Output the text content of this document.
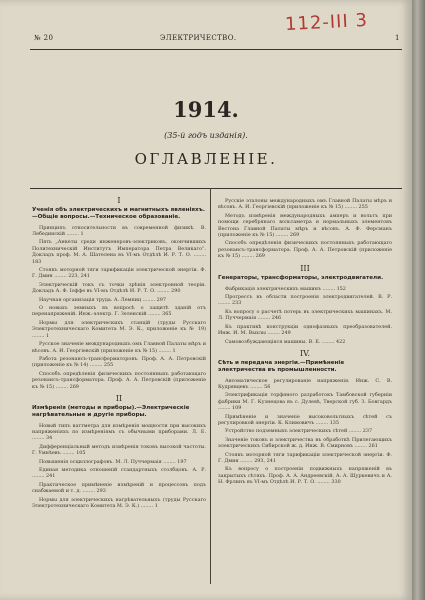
№ 20	ЭЛЕКТРИЧЕСТВО.	1
112-III 3
1914.
(35-й годъ изданія).
ОГЛАВЛЕНІЕ.
I
Ученія объ электрическихъ и магнитныхъ явленіяхъ.—Общіе вопросы.—Техническое образованіе.
Принципъ относительности въ современной физикѣ. В. Лебединскій ........ 1
Пять „Анкеты среди инженеровъ-электриковъ, окончившихъ Политехническій Институтъ Императора Петра Великаго“. Докладъ проф. М. А. Шателена въ VI-мъ Отдѣлѣ И. Р. Т. О. ........ 183
Стоякъ моторной тяги тарификаціи электрической энергіи. Ф. Г. Дмин ........ 223, 241
Электрическій токъ съ точки зрѣнія электронной теоріи. Докладъ А. Ф. Іоффе въ VI-мъ Отдѣлѣ И. Р. Т. О. ........ 290
Научная организація труда. А. Лемпиц ........ 297
О новыхъ земныхъ въ вопросѣ о защитѣ зданій отъ перенапряженій. Инж.-электр. Г. Зеленскій ........ 365
Нормы для электрическихъ станцій (труды Русскаго Электротехническаго Комитета М. Э. К., приложеніе къ № 19) ........ 1
Русское значеніе международныхъ омъ Главной Палаты мѣръ и вѣсовъ. А. И. Георгіевскій (приложеніе къ № 15) ........ 1
Работа резонансъ-трансформаторовъ. Проф. А. А. Петровскій (приложеніе къ № 14) ........ 255
Способъ опредѣленія физическихъ постоянныхъ работающаго резонансъ-трансформатора. Проф. А. А. Петровскій (приложеніе къ № 15) ........ 269
II
Измѣренія (методы и приборы).—Электрическіе нагрѣвательные и другіе приборы.
Новый типъ ваттметра для измѣренія мощности при высокихъ напряженіяхъ по измѣреніямъ съ обычными приборами. Л. Е. ........ 34
Дифференціальный методъ измѣренія токовъ высокой частоты. Г. Умнѣевъ ........ 105
Повышенія осциллографовъ. М. Л. Пуччермаія ........ 197
Единая методика отношеній стандартныхъ столбцовъ. А. Р. ........ 241
Практическое примѣненіе измѣреній и процессовъ подъ снабжаемой и т. д. ........ 293
Нормы для электрическихъ нагрѣвательныхъ (труды Русскаго Электротехническаго Комитета М. Э. К.) ........ 1
Русскіе эталоны международныхъ омъ Главной Палаты мѣръ и вѣсовъ. А. И. Георгіевскій (приложеніе къ № 15) ........ 255
Методъ измѣренія международныхъ амперъ и вольтъ при помощи серебрянаго вольтаметра и нормальныхъ элементовъ Вестона Главной Палаты мѣръ и вѣсовъ. А. Ф. Ферсманъ (приложеніе къ № 15) ........ 269
Способъ опредѣленія физическихъ постоянныхъ работающаго резонансъ-трансформатора. Проф. А. А. Петровскій (приложеніе къ № 15) ........ 269
III
Генераторы, трансформаторы, электродвигатели.
Фабрикація электрическихъ машинъ ........ 152
Прогрессъ въ области построенія электродвигателей. В. Р. ........ 233
Къ вопросу о расчетѣ потерь въ электрическихъ машинахъ. М. Л. Пуччермаія ........ 246
Къ практикѣ конструкціи однофазныхъ преобразователей. Инж. И. М. Выхлы ........ 249
Самовозбуждающіяся машины. В. Е. ........ 422
IV.
Сѣть и передача энергіи.—Примѣненіе электричества въ промышленности.
Автоматическое регулированіе напряженія. Инж. С. В. Кудрявцевъ ........ 56
Электрификація торфяного разработокъ Тамбовской губерніи фабрики М. Г. Кузнецова въ с. Дулевѣ, Тверской губ. З. Бовгардъ ........ 109
Примѣненіе и значеніе высоковольтныхъ сѣтей съ регулировкой энергіи. К. Климовичъ ........ 135
Устройство подземныхъ электрическихъ сѣтей ........ 237
Значеніе токовъ и электричества въ обработкѣ Прилегающихъ электрическихъ Сибирской ж. д. Инж. В. Смирновъ ........ 261
Стоякъ моторной тяги тарификаціи электрической энергіи. Ф. Г. Дмин ........ 293, 241
Къ вопросу о построеніи подвижныхъ напряженій въ закрытыхъ сѣтяхъ. Проф. А. А. Андреевскій, А. А. Щуркевичъ и А. Н. Фрлинъ въ VI-мъ Отдѣлѣ И. Р. Т. О. ........ 330
